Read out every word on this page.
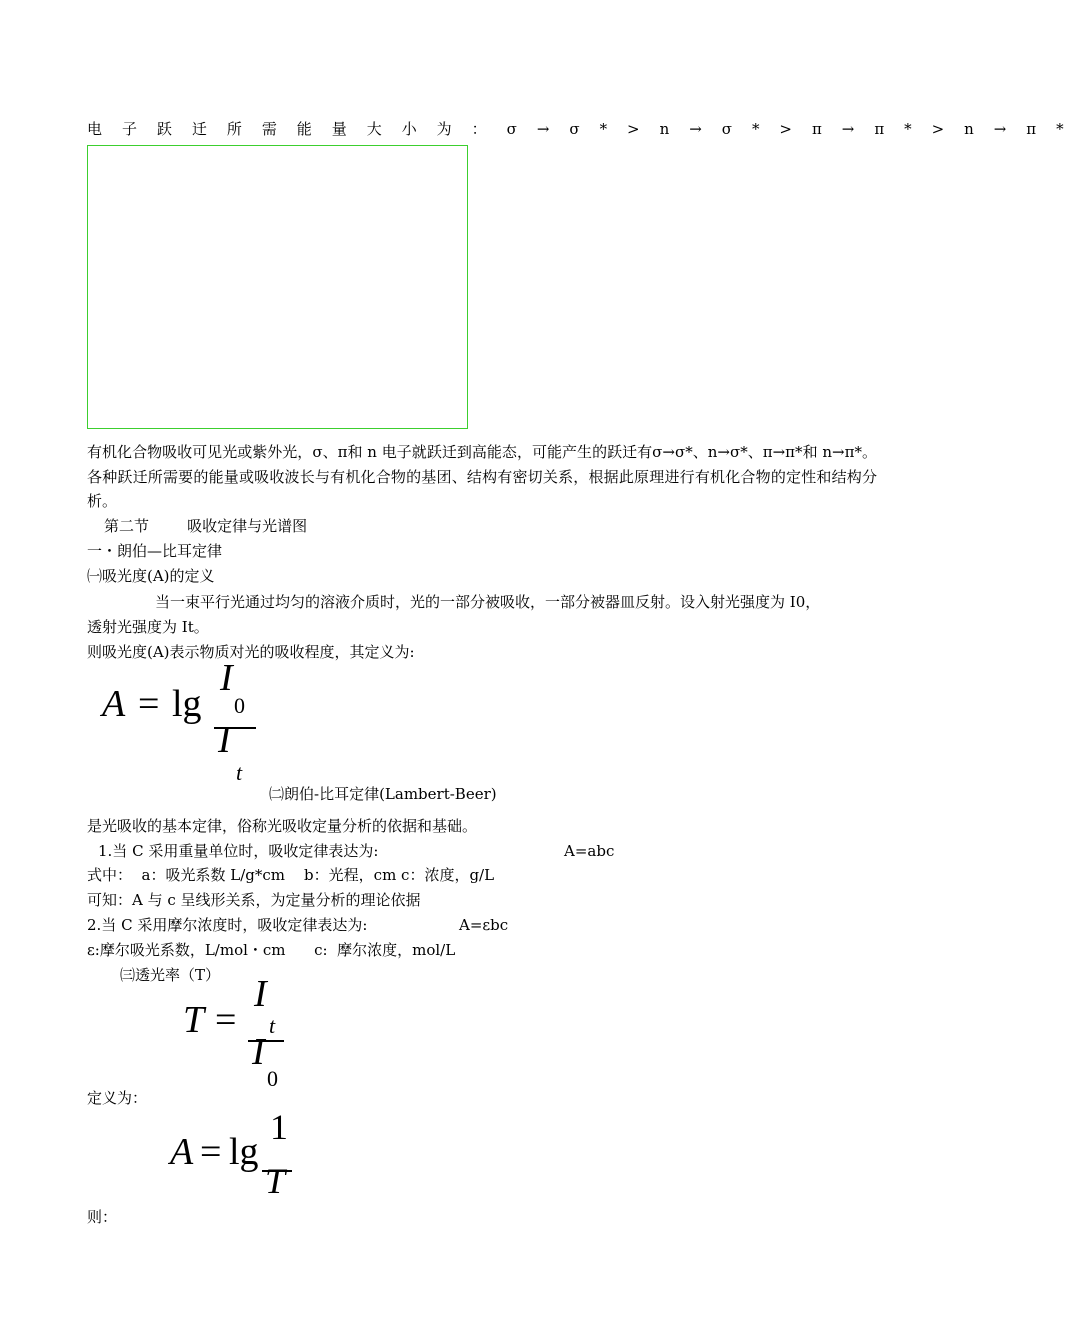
电 子 跃 迁 所 需 能 量 大 小 为 ： σ → σ * > n → σ * > π → π * > n → π *
有机化合物吸收可见光或紫外光，σ、π和 n 电子就跃迁到高能态，可能产生的跃迁有σ→σ*、n→σ*、π→π*和 n→π*。各种跃迁所需要的能量或吸收波长与有机化合物的基团、结构有密切关系，根据此原理进行有机化合物的定性和结构分析。
第二节        吸收定律与光谱图
一・朗伯—比耳定律
㈠吸光度(A)的定义
当一束平行光通过均匀的溶液介质时，光的一部分被吸收，一部分被器皿反射。设入射光强度为 I0，
透射光强度为 It。
则吸光度(A)表示物质对光的吸收程度，其定义为:
A = lg
I
0
I
t
㈡朗伯-比耳定律(Lambert-Beer)
是光吸收的基本定律，俗称光吸收定量分析的依据和基础。
1.当 C 采用重量单位时，吸收定律表达为:	A=abc
式中：  a：吸光系数 L/g*cm    b：光程，cm c：浓度，g/L
可知：A 与 c 呈线形关系，为定量分析的理论依据
2.当 C 采用摩尔浓度时，吸收定律表达为:	A=εbc
ε:摩尔吸光系数，L/mol・cm      c:  摩尔浓度，mol/L
㈢透光率（T）
T =
I
t
I
0
定义为：
A = lg
1
T
则：
